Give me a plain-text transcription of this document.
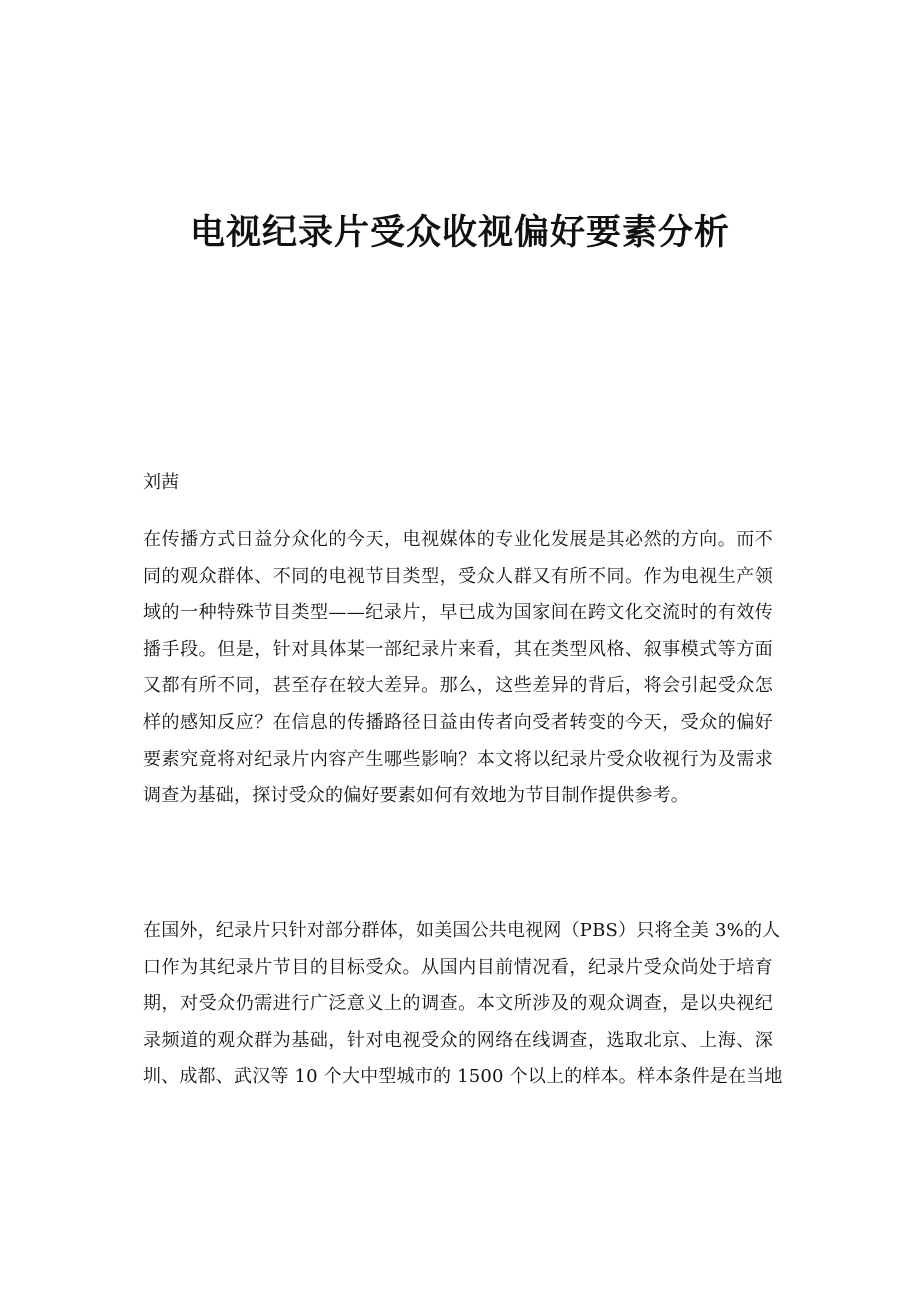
电视纪录片受众收视偏好要素分析
刘茜
在传播方式日益分众化的今天，电视媒体的专业化发展是其必然的方向。而不
同的观众群体、不同的电视节目类型，受众人群又有所不同。作为电视生产领
域的一种特殊节目类型——纪录片，早已成为国家间在跨文化交流时的有效传
播手段。但是，针对具体某一部纪录片来看，其在类型风格、叙事模式等方面
又都有所不同，甚至存在较大差异。那么，这些差异的背后，将会引起受众怎
样的感知反应？在信息的传播路径日益由传者向受者转变的今天，受众的偏好
要素究竟将对纪录片内容产生哪些影响？本文将以纪录片受众收视行为及需求
调查为基础，探讨受众的偏好要素如何有效地为节目制作提供参考。
在国外，纪录片只针对部分群体，如美国公共电视网（PBS）只将全美 3%的人
口作为其纪录片节目的目标受众。从国内目前情况看，纪录片受众尚处于培育
期，对受众仍需进行广泛意义上的调查。本文所涉及的观众调查，是以央视纪
录频道的观众群为基础，针对电视受众的网络在线调查，选取北京、上海、深
圳、成都、武汉等 10 个大中型城市的 1500 个以上的样本。样本条件是在当地
